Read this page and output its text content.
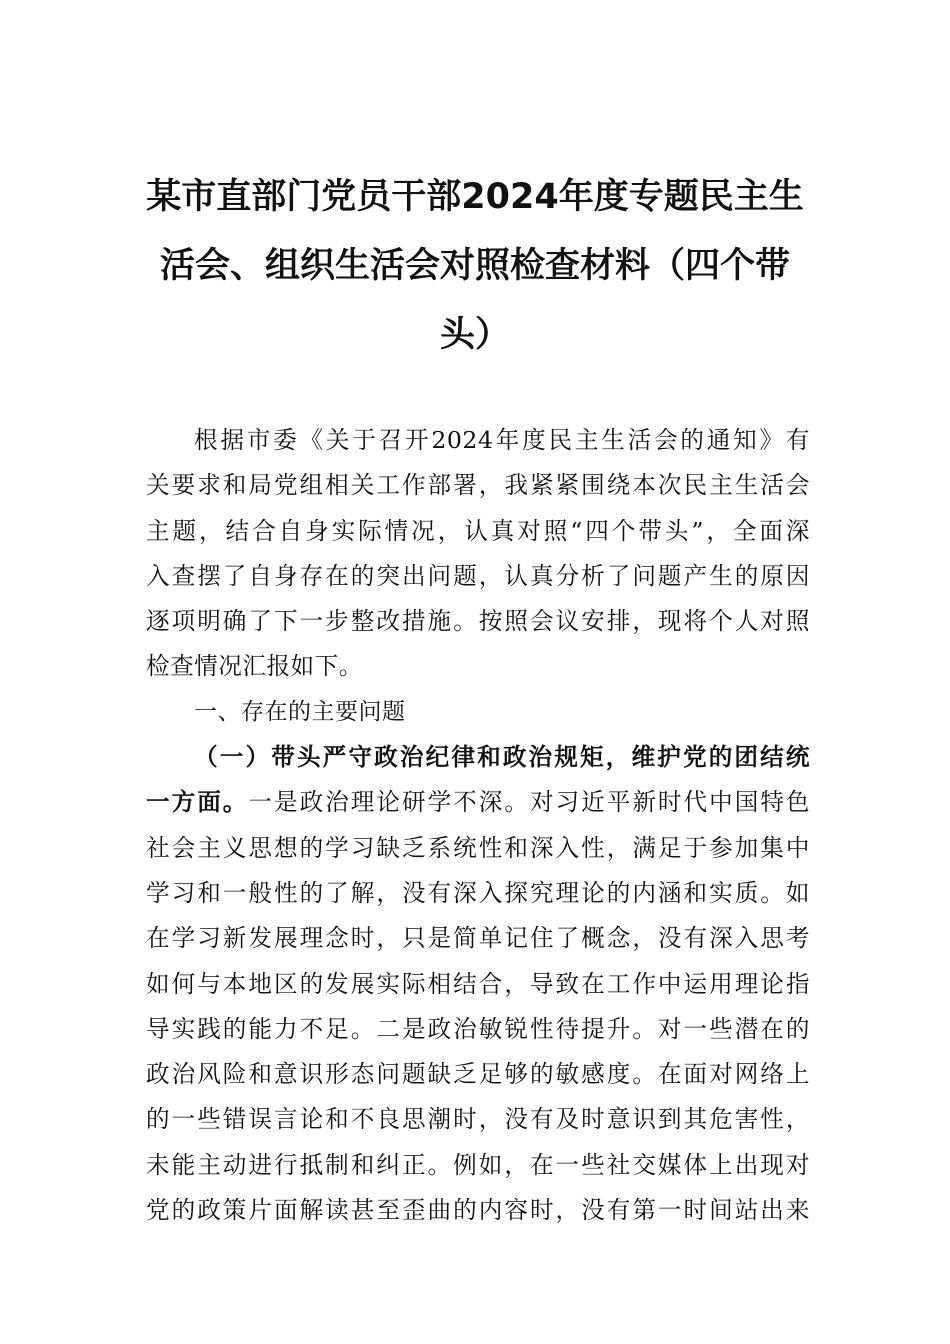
某市直部门党员干部2024年度专题民主生
活会、组织生活会对照检查材料（四个带
头）
根据市委《关于召开2024年度民主生活会的通知》有
关要求和局党组相关工作部署，我紧紧围绕本次民主生活会
主题，结合自身实际情况，认真对照“四个带头”，全面深
入查摆了自身存在的突出问题，认真分析了问题产生的原因
逐项明确了下一步整改措施。按照会议安排，现将个人对照
检查情况汇报如下。
一、存在的主要问题
（一）带头严守政治纪律和政治规矩，维护党的团结统
一方面。一是政治理论研学不深。对习近平新时代中国特色
社会主义思想的学习缺乏系统性和深入性，满足于参加集中
学习和一般性的了解，没有深入探究理论的内涵和实质。如
在学习新发展理念时，只是简单记住了概念，没有深入思考
如何与本地区的发展实际相结合，导致在工作中运用理论指
导实践的能力不足。二是政治敏锐性待提升。对一些潜在的
政治风险和意识形态问题缺乏足够的敏感度。在面对网络上
的一些错误言论和不良思潮时，没有及时意识到其危害性，
未能主动进行抵制和纠正。例如，在一些社交媒体上出现对
党的政策片面解读甚至歪曲的内容时，没有第一时间站出来
